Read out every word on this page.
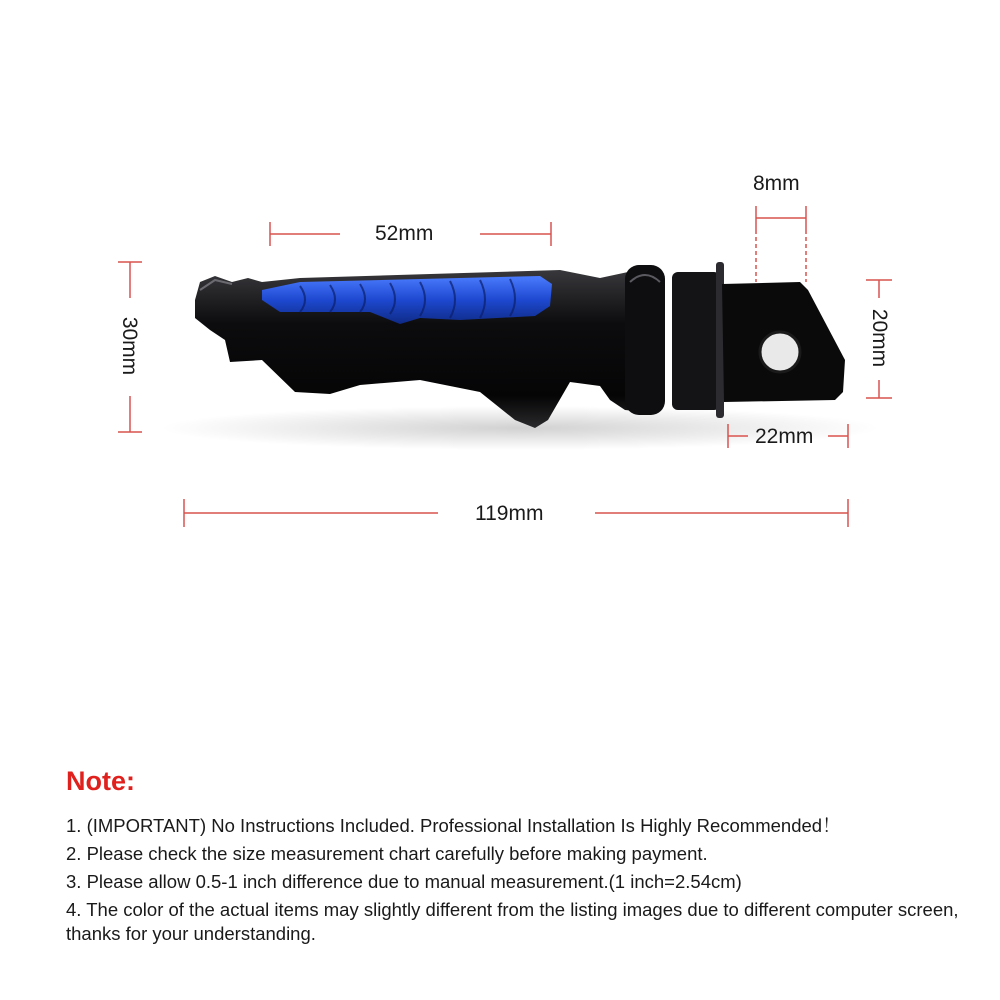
52mm
8mm
30mm	20mm
22mm
119mm
Note:
1. (IMPORTANT) No Instructions Included. Professional Installation Is Highly Recommended！
2. Please check the size measurement chart carefully before making payment.
3. Please allow 0.5-1 inch difference due to manual measurement.(1 inch=2.54cm)
4. The color of the actual items may slightly different from the listing images due to different computer screen, thanks for your understanding.
